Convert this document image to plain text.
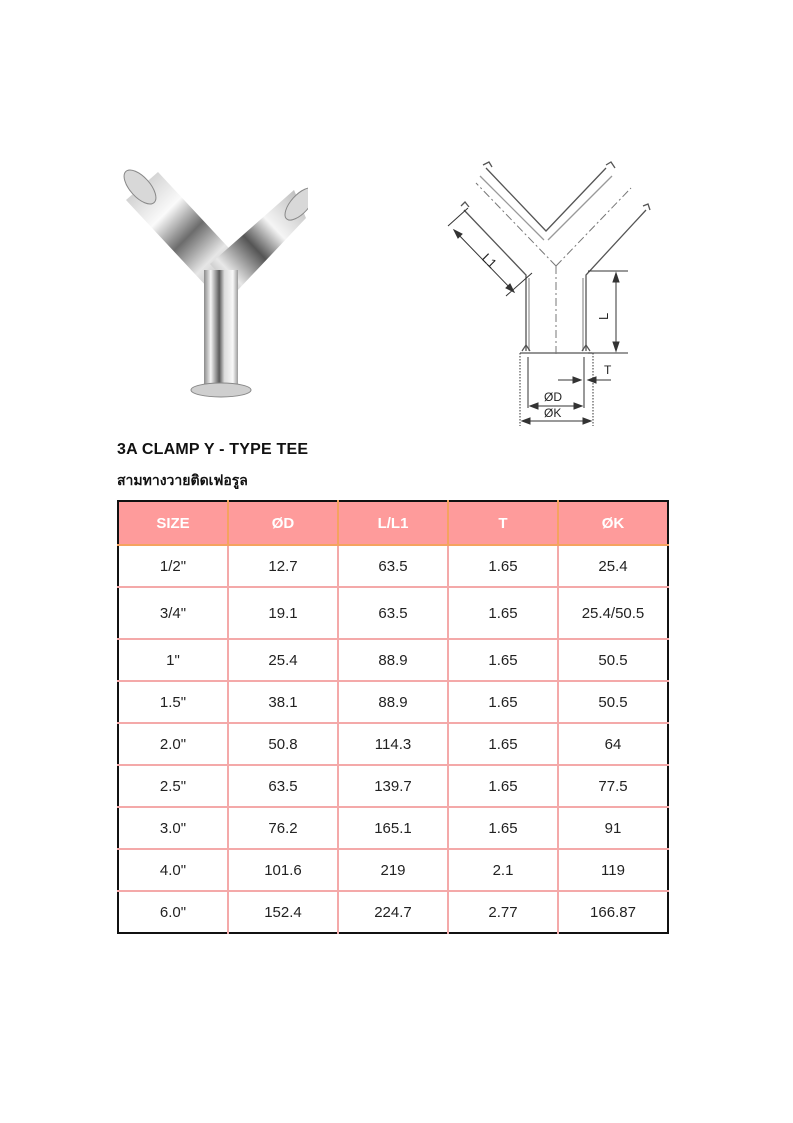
L1
L
T
ØD
ØK
3A CLAMP Y - TYPE TEE
สามทางวายติดเฟอรูล
SIZE	ØD	L/L1	T	ØK
1/2"	12.7	63.5	1.65	25.4
3/4"	19.1	63.5	1.65	25.4/50.5
1"	25.4	88.9	1.65	50.5
1.5"	38.1	88.9	1.65	50.5
2.0"	50.8	114.3	1.65	64
2.5"	63.5	139.7	1.65	77.5
3.0"	76.2	165.1	1.65	91
4.0"	101.6	219	2.1	119
6.0"	152.4	224.7	2.77	166.87
